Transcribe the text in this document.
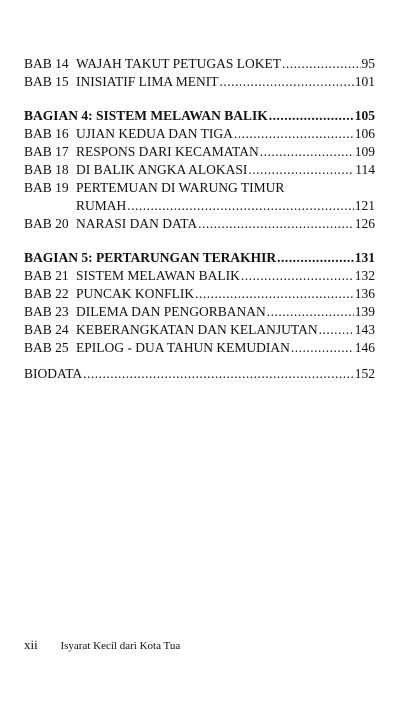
BAB 14 WAJAH TAKUT PETUGAS LOKET .....	95
BAB 15 INISIATIF LIMA MENIT .....	101
BAGIAN 4: SISTEM MELAWAN BALIK .....	105
BAB 16 UJIAN KEDUA DAN TIGA .....	106
BAB 17 RESPONS DARI KECAMATAN .....	109
BAB 18 DI BALIK ANGKA ALOKASI .....	114
BAB 19 PERTEMUAN DI WARUNG TIMUR
RUMAH .....	121
BAB 20 NARASI DAN DATA .....	126
BAGIAN 5: PERTARUNGAN TERAKHIR .....	131
BAB 21 SISTEM MELAWAN BALIK .....	132
BAB 22 PUNCAK KONFLIK .....	136
BAB 23 DILEMA DAN PENGORBANAN .....	139
BAB 24 KEBERANGKATAN DAN KELANJUTAN .....	143
BAB 25 EPILOG - DUA TAHUN KEMUDIAN .....	146
BIODATA .....	152
xii Isyarat Kecil dari Kota Tua
